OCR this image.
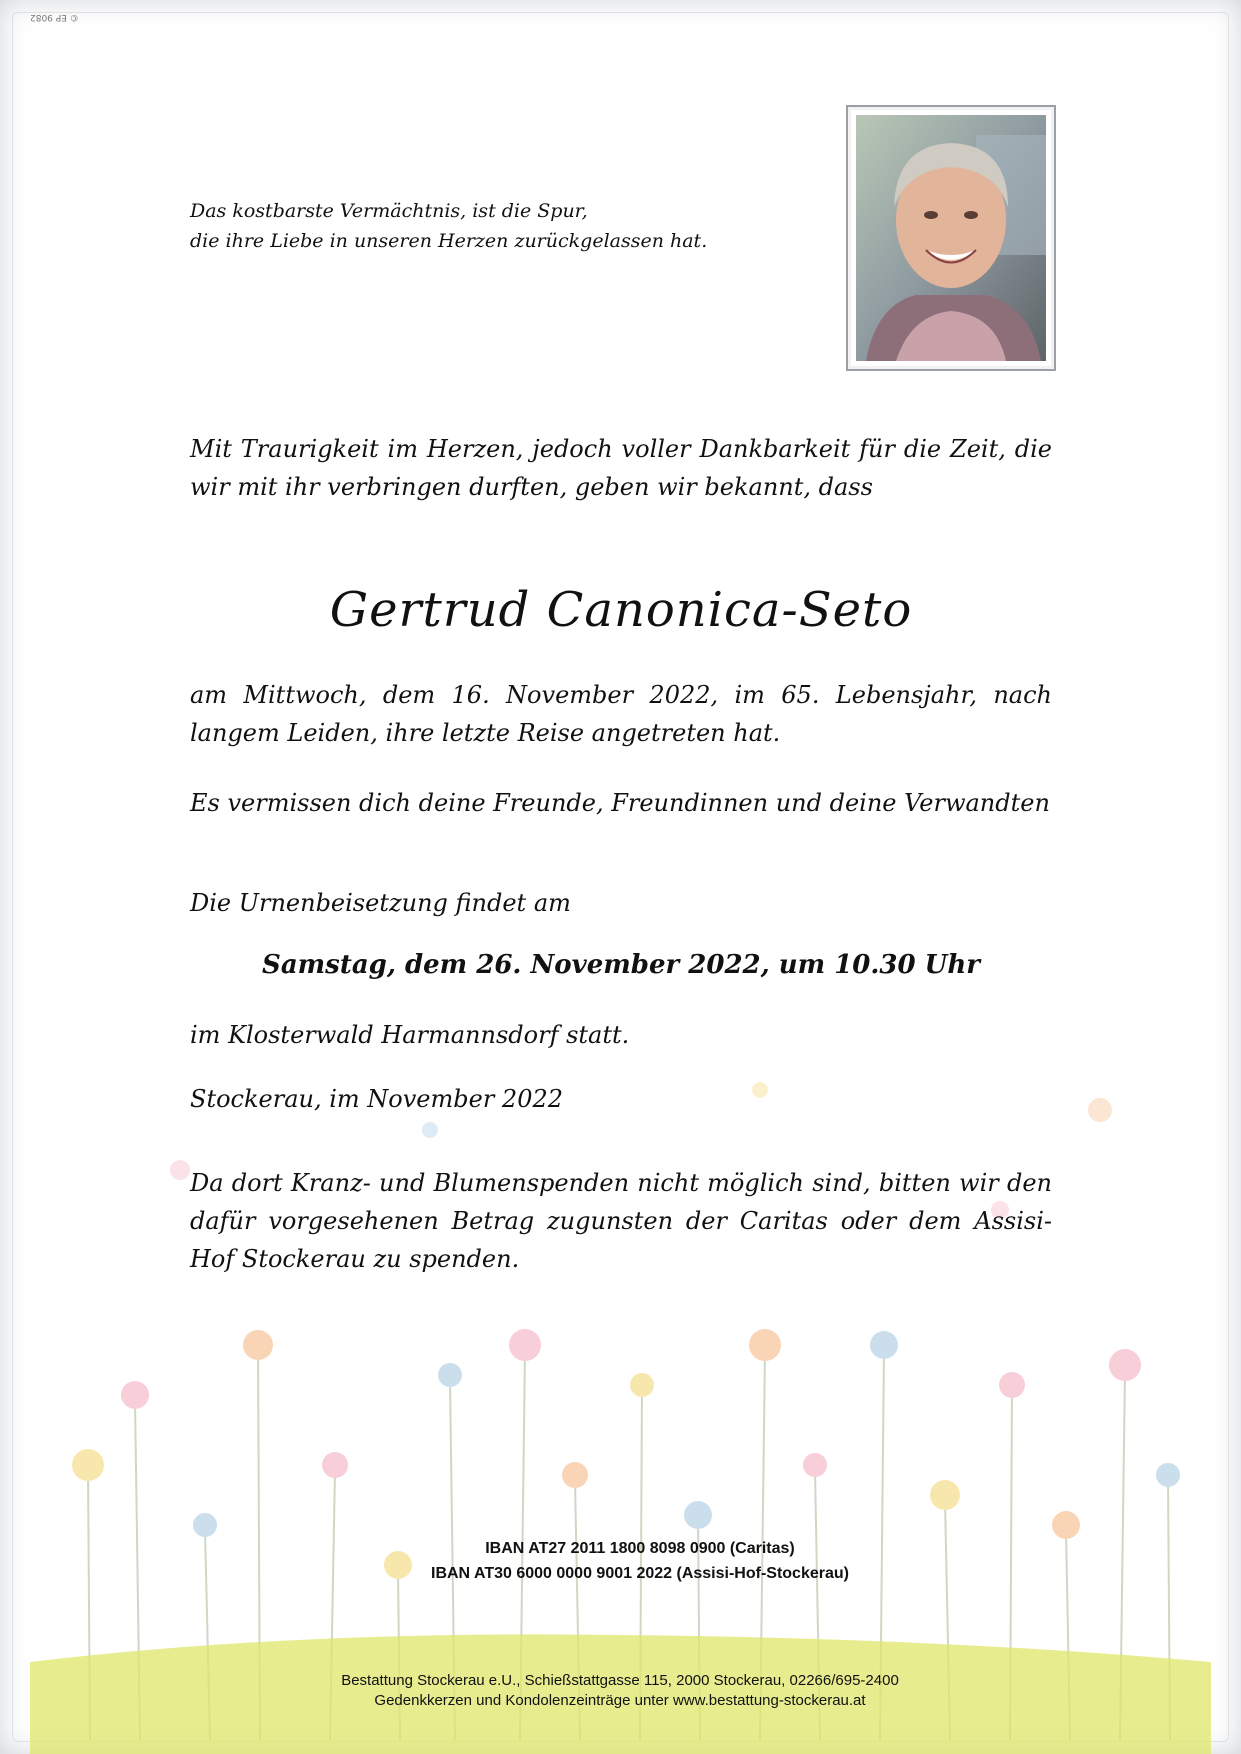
© EP 9082
Das kostbarste Vermächtnis, ist die Spur,
die ihre Liebe in unseren Herzen zurückgelassen hat.
Mit Traurigkeit im Herzen, jedoch voller Dankbarkeit für die Zeit, die wir mit ihr verbringen durften, geben wir bekannt, dass
Gertrud Canonica-Seto
am Mittwoch, dem 16. November 2022, im 65. Lebensjahr, nach langem Leiden, ihre letzte Reise angetreten hat.
Es vermissen dich deine Freunde, Freundinnen und deine Verwandten
Die Urnenbeisetzung findet am
Samstag, dem 26. November 2022, um 10.30 Uhr
im Klosterwald Harmannsdorf statt.
Stockerau, im November 2022
Da dort Kranz- und Blumenspenden nicht möglich sind, bitten wir den dafür vorgesehenen Betrag zugunsten der Caritas oder dem Assisi-Hof Stockerau zu spenden.
IBAN AT27 2011 1800 8098 0900 (Caritas)
IBAN AT30 6000 0000 9001 2022 (Assisi-Hof-Stockerau)
Bestattung Stockerau e.U., Schießstattgasse 115, 2000 Stockerau, 02266/695-2400
Gedenkkerzen und Kondolenzeinträge unter www.bestattung-stockerau.at
